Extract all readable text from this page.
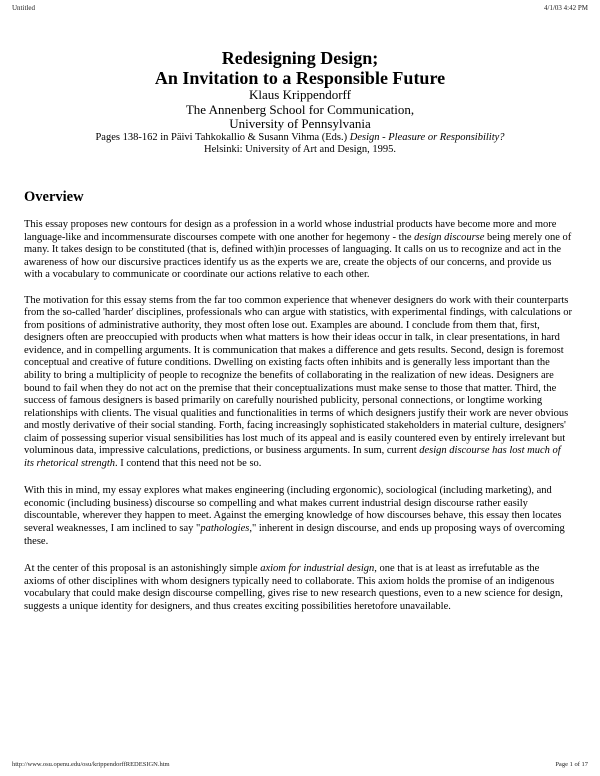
Untitled	4/1/03 4:42 PM
Redesigning Design;
An Invitation to a Responsible Future
Klaus Krippendorff
The Annenberg School for Communication,
University of Pennsylvania
Pages 138-162 in Päivi Tahkokallio & Susann Vihma (Eds.) Design - Pleasure or Responsibility?
Helsinki: University of Art and Design, 1995.
Overview

This essay proposes new contours for design as a profession in a world whose industrial products have become more and more language-like and incommensurate discourses compete with one another for hegemony - the design discourse being merely one of many. It takes design to be constituted (that is, defined with)in processes of languaging. It calls on us to recognize and act in the awareness of how our discursive practices identify us as the experts we are, create the objects of our concerns, and provide us with a vocabulary to communicate or coordinate our actions relative to each other.

The motivation for this essay stems from the far too common experience that whenever designers do work with their counterparts from the so-called 'harder' disciplines, professionals who can argue with statistics, with experimental findings, with calculations or from positions of administrative authority, they most often lose out. Examples are abound. I conclude from them that, first, designers often are preoccupied with products when what matters is how their ideas occur in talk, in clear presentations, in hard evidence, and in compelling arguments. It is communication that makes a difference and gets results. Second, design is foremost conceptual and creative of future conditions. Dwelling on existing facts often inhibits and is generally less important than the ability to bring a multiplicity of people to recognize the benefits of collaborating in the realization of new ideas. Designers are bound to fail when they do not act on the premise that their conceptualizations must make sense to those that matter. Third, the success of famous designers is based primarily on carefully nourished publicity, personal connections, or longtime working relationships with clients. The visual qualities and functionalities in terms of which designers justify their work are never obvious and mostly derivative of their social standing. Forth, facing increasingly sophisticated stakeholders in material culture, designers' claim of possessing superior visual sensibilities has lost much of its appeal and is easily countered even by entirely irrelevant but voluminous data, impressive calculations, predictions, or business arguments. In sum, current design discourse has lost much of its rhetorical strength. I contend that this need not be so.

With this in mind, my essay explores what makes engineering (including ergonomic), sociological (including marketing), and economic (including business) discourse so compelling and what makes current industrial design discourse rather easily discountable, wherever they happen to meet. Against the emerging knowledge of how discourses behave, this essay then locates several weaknesses, I am inclined to say "pathologies," inherent in design discourse, and ends up proposing ways of overcoming these.

At the center of this proposal is an astonishingly simple axiom for industrial design, one that is at least as irrefutable as the axioms of other disciplines with whom designers typically need to collaborate. This axiom holds the promise of an indigenous vocabulary that could make design discourse compelling, gives rise to new research questions, even to a new science for design, suggests a unique identity for designers, and thus creates exciting possibilities heretofore unavailable.

http://www.osu.openu.edu/osu/krippendorffREDESIGN.htm	Page 1 of 17
